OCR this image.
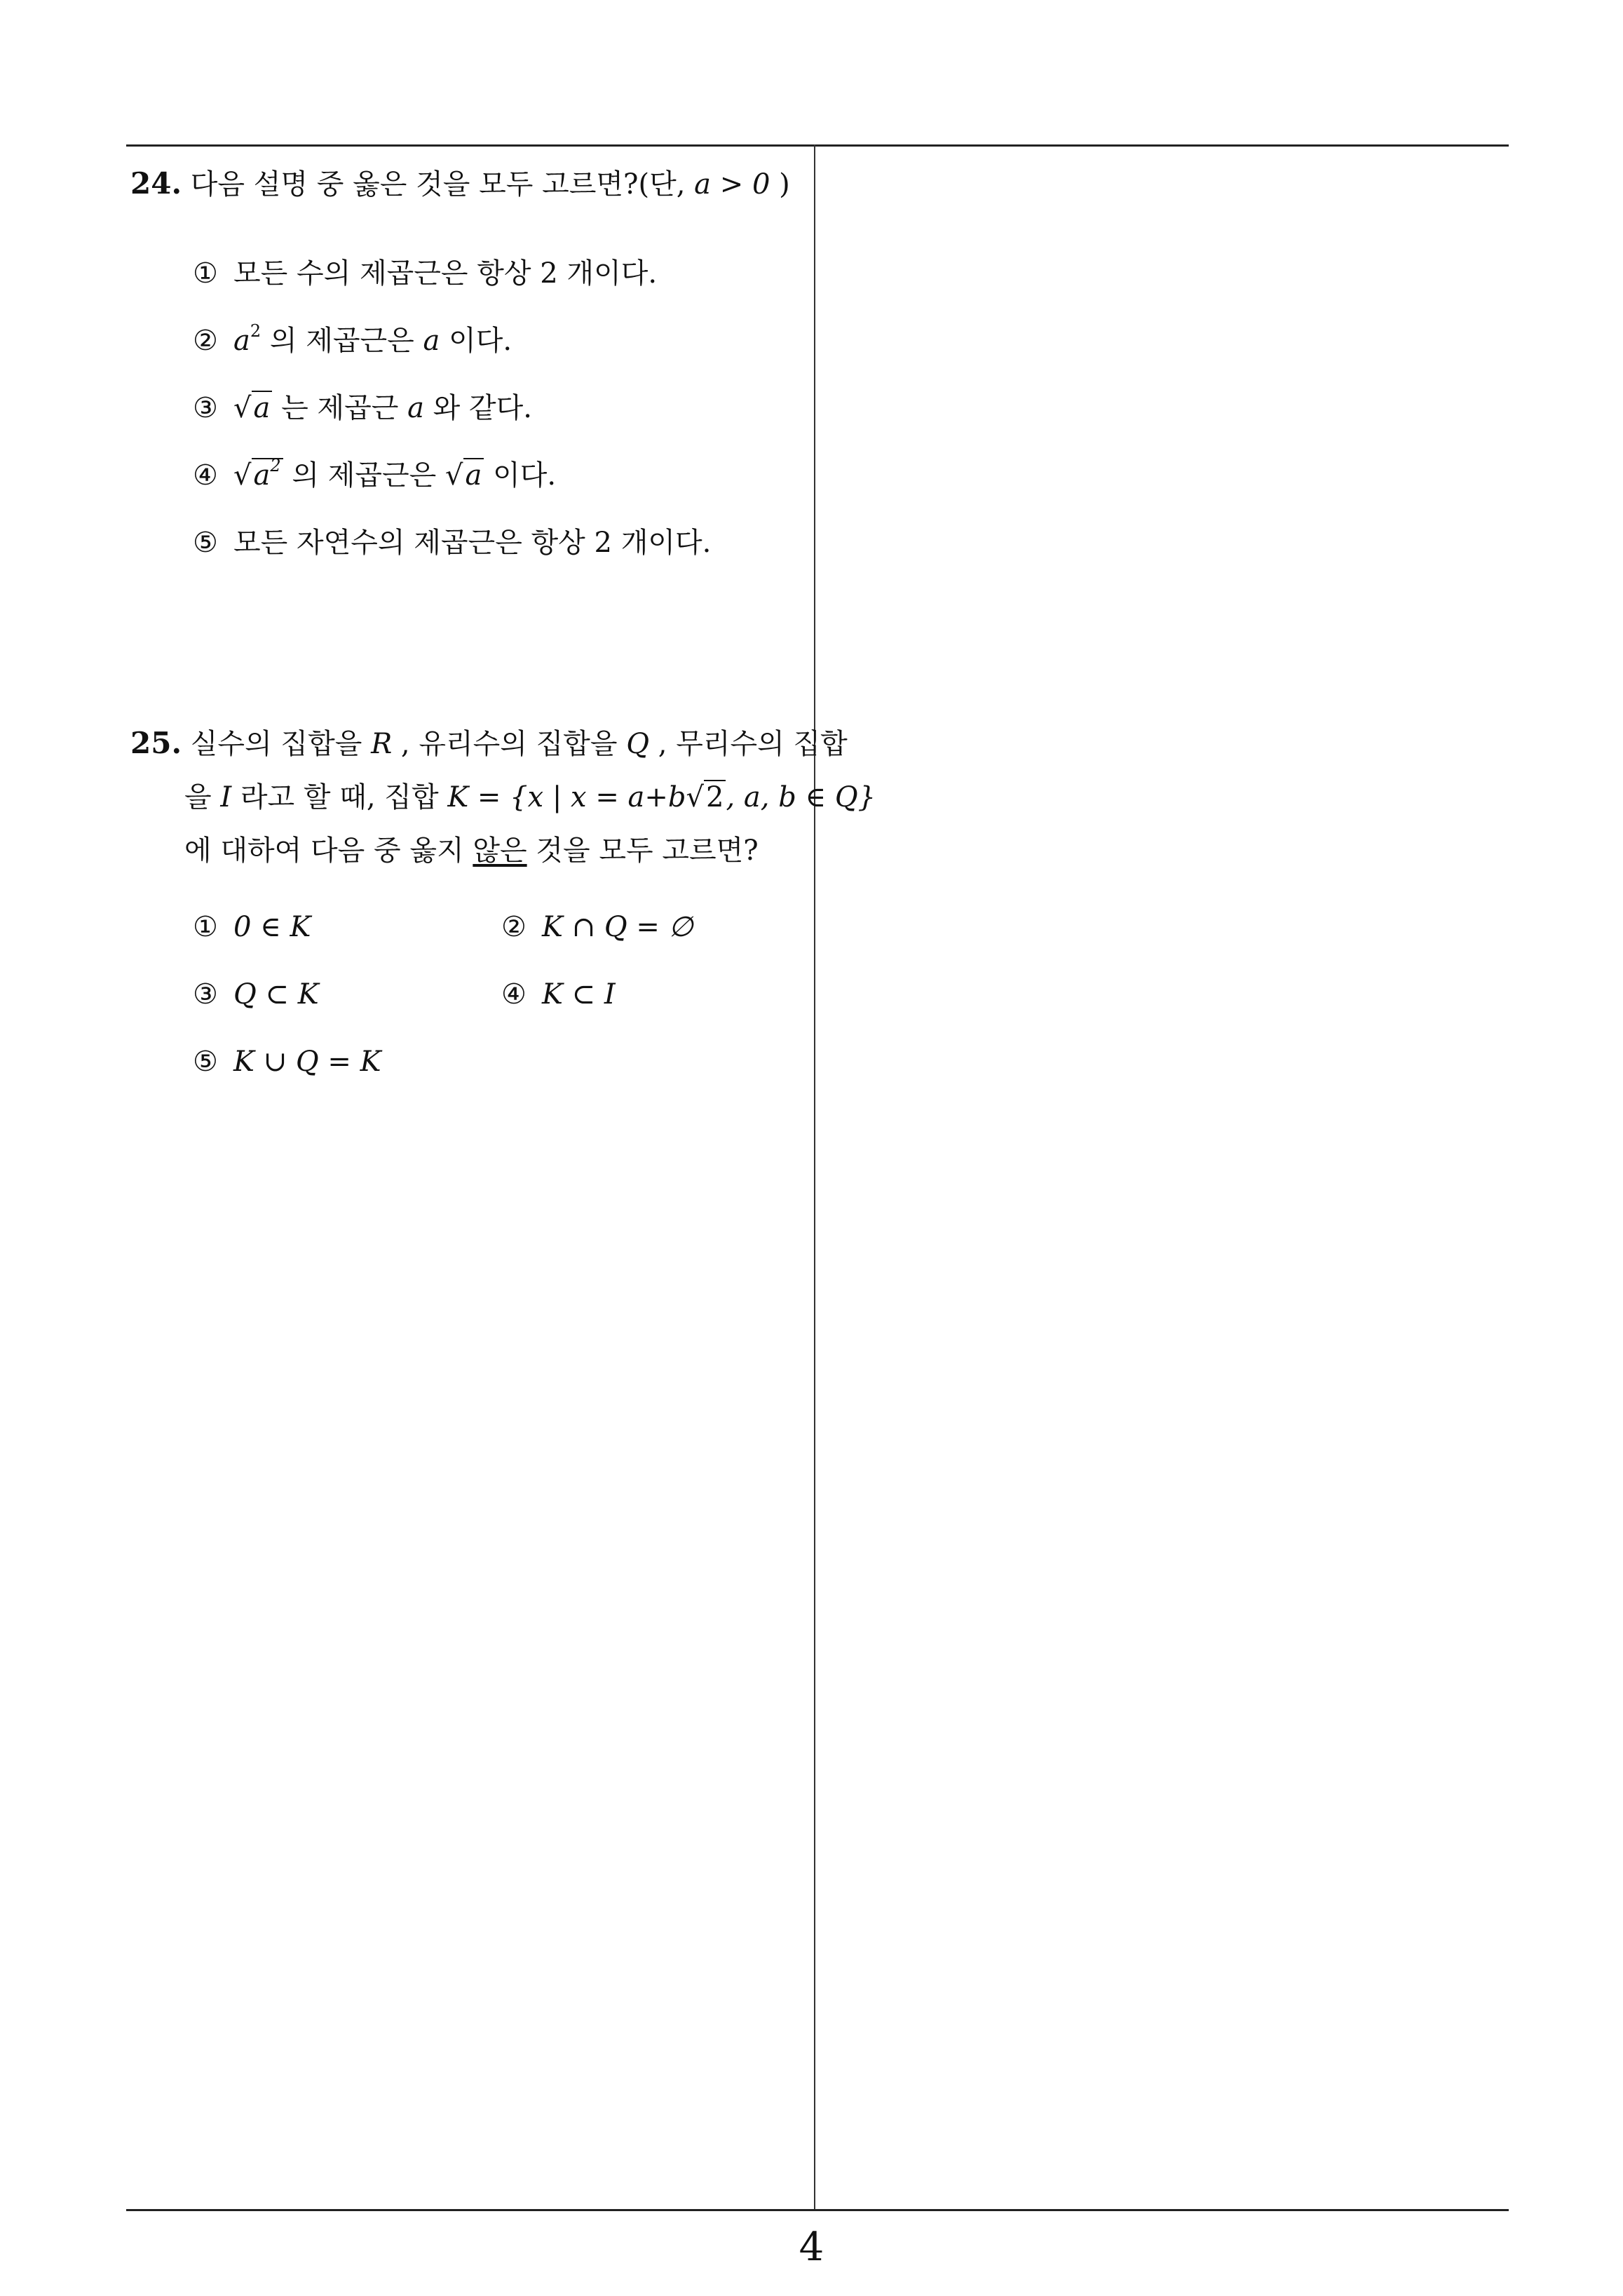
24. 다음 설명 중 옳은 것을 모두 고르면?(단, a > 0 )
① 모든 수의 제곱근은 항상 2 개이다.
② $a^2$ 의 제곱근은 a 이다.
③ √a 는 제곱근 a 와 같다.
④ $√a^2$ 의 제곱근은 √a 이다.
⑤ 모든 자연수의 제곱근은 항상 2 개이다.
25. 실수의 집합을 R , 유리수의 집합을 Q , 무리수의 집합
을 I 라고 할 때, 집합 K = {x | x = a+b√2, a, b ∈ Q}
에 대하여 다음 중 옳지 않은 것을 모두 고르면?
① 0 ∈ K	② K ∩ Q = ∅
③ Q ⊂ K	④ K ⊂ I
⑤ K ∪ Q = K
4
